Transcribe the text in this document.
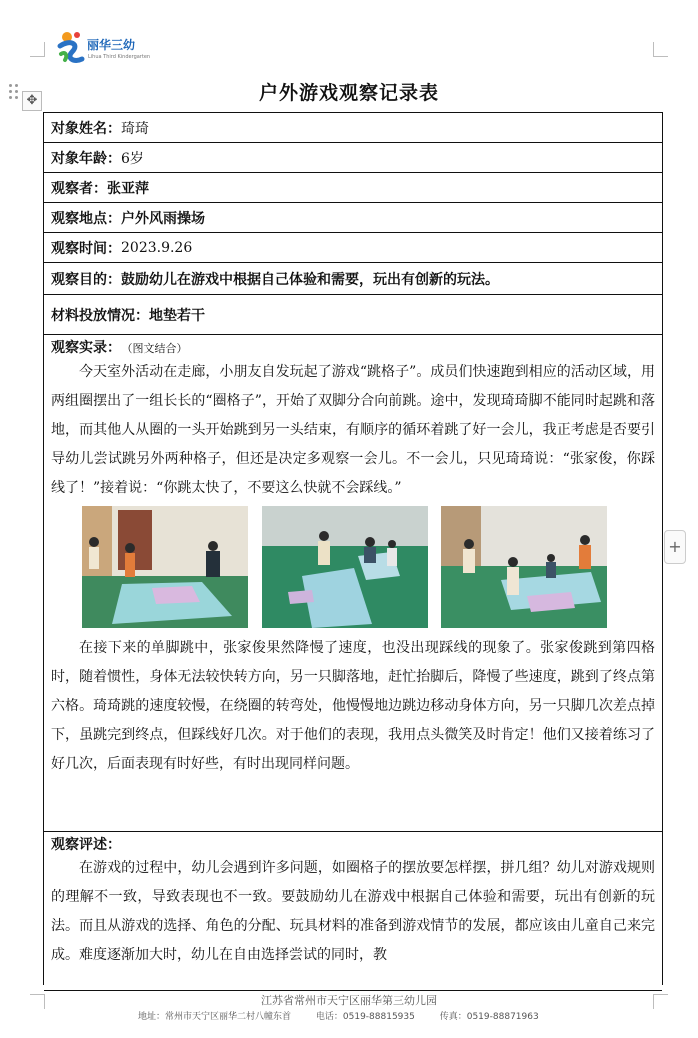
丽华三幼
Lihua Third Kindergarten
✥
+
户外游戏观察记录表
对象姓名： 琦琦
对象年龄： 6岁
观察者： 张亚萍
观察地点： 户外风雨操场
观察时间： 2023.9.26
观察目的： 鼓励幼儿在游戏中根据自己体验和需要，玩出有创新的玩法。
材料投放情况： 地垫若干
观察实录： （图文结合）

今天室外活动在走廊，小朋友自发玩起了游戏“跳格子”。成员们快速跑到相应的活动区域，用两组圈摆出了一组长长的“圈格子”，开始了双脚分合向前跳。途中，发现琦琦脚不能同时起跳和落地，而其他人从圈的一头开始跳到另一头结束，有顺序的循环着跳了好一会儿，我正考虑是否要引导幼儿尝试跳另外两种格子，但还是决定多观察一会儿。不一会儿，只见琦琦说：“张家俊，你踩线了！”接着说：“你跳太快了，不要这么快就不会踩线。”

在接下来的单脚跳中，张家俊果然降慢了速度，也没出现踩线的现象了。张家俊跳到第四格时，随着惯性，身体无法较快转方向，另一只脚落地，赶忙抬脚后，降慢了些速度，跳到了终点第六格。琦琦跳的速度较慢，在绕圈的转弯处，他慢慢地边跳边移动身体方向，另一只脚几次差点掉下，虽跳完到终点，但踩线好几次。对于他们的表现，我用点头微笑及时肯定！他们又接着练习了好几次，后面表现有时好些，有时出现同样问题。

观察评述：

在游戏的过程中，幼儿会遇到许多问题，如圈格子的摆放要怎样摆，拼几组？幼儿对游戏规则的理解不一致，导致表现也不一致。要鼓励幼儿在游戏中根据自己体验和需要，玩出有创新的玩法。而且从游戏的选择、角色的分配、玩具材料的准备到游戏情节的发展，都应该由儿童自己来完成。难度逐渐加大时，幼儿在自由选择尝试的同时，教

江苏省常州市天宁区丽华第三幼儿园
地址：常州市天宁区丽华二村八幢东首	电话：0519-88815935	传真：0519-88871963
